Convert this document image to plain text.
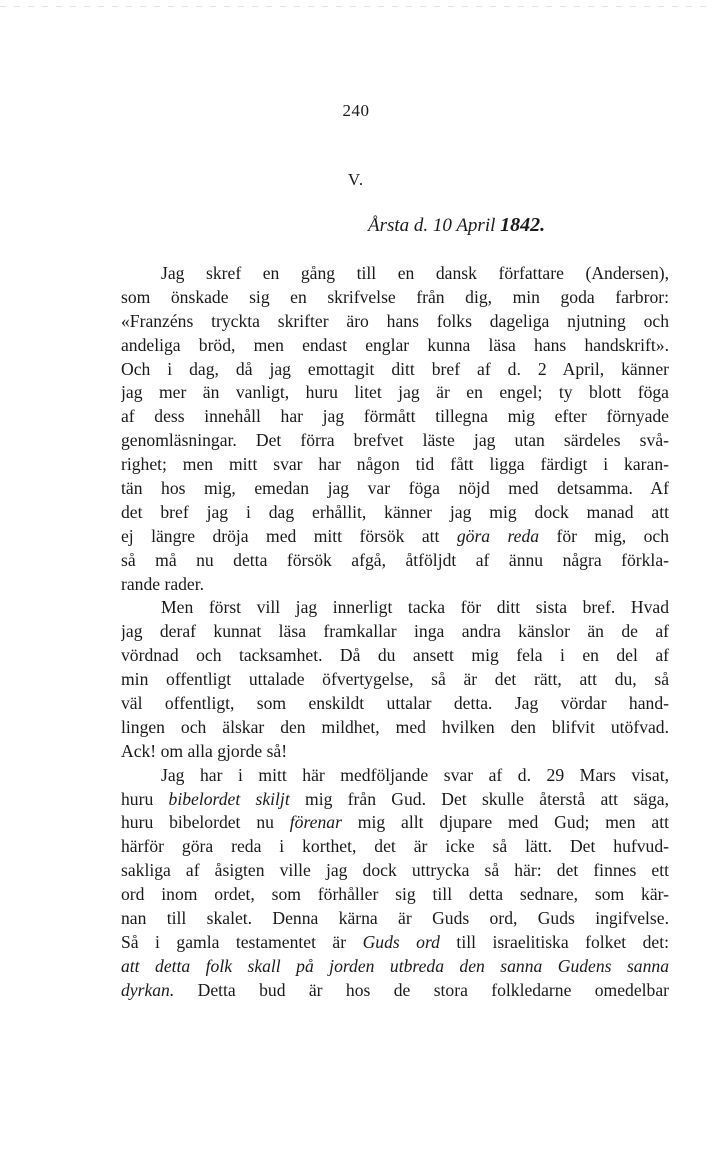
240
V.
Årsta d. 10 April 1842.
Jag skref en gång till en dansk författare (Andersen),
som önskade sig en skrifvelse från dig, min goda farbror:
«Franzéns tryckta skrifter äro hans folks dageliga njutning och
andeliga bröd, men endast englar kunna läsa hans handskrift».
Och i dag, då jag emottagit ditt bref af d. 2 April, känner
jag mer än vanligt, huru litet jag är en engel; ty blott föga
af dess innehåll har jag förmått tillegna mig efter förnyade
genomläsningar. Det förra brefvet läste jag utan särdeles svå-
righet; men mitt svar har någon tid fått ligga färdigt i karan-
tän hos mig, emedan jag var föga nöjd med detsamma. Af
det bref jag i dag erhållit, känner jag mig dock manad att
ej längre dröja med mitt försök att göra reda för mig, och
så må nu detta försök afgå, åtföljdt af ännu några förkla-
rande rader.
Men först vill jag innerligt tacka för ditt sista bref. Hvad
jag deraf kunnat läsa framkallar inga andra känslor än de af
vördnad och tacksamhet. Då du ansett mig fela i en del af
min offentligt uttalade öfvertygelse, så är det rätt, att du, så
väl offentligt, som enskildt uttalar detta. Jag vördar hand-
lingen och älskar den mildhet, med hvilken den blifvit utöfvad.
Ack! om alla gjorde så!
Jag har i mitt här medföljande svar af d. 29 Mars visat,
huru bibelordet skiljt mig från Gud. Det skulle återstå att säga,
huru bibelordet nu förenar mig allt djupare med Gud; men att
härför göra reda i korthet, det är icke så lätt. Det hufvud-
sakliga af åsigten ville jag dock uttrycka så här: det finnes ett
ord inom ordet, som förhåller sig till detta sednare, som kär-
nan till skalet. Denna kärna är Guds ord, Guds ingifvelse.
Så i gamla testamentet är Guds ord till israelitiska folket det:
att detta folk skall på jorden utbreda den sanna Gudens sanna
dyrkan. Detta bud är hos de stora folkledarne omedelbar
